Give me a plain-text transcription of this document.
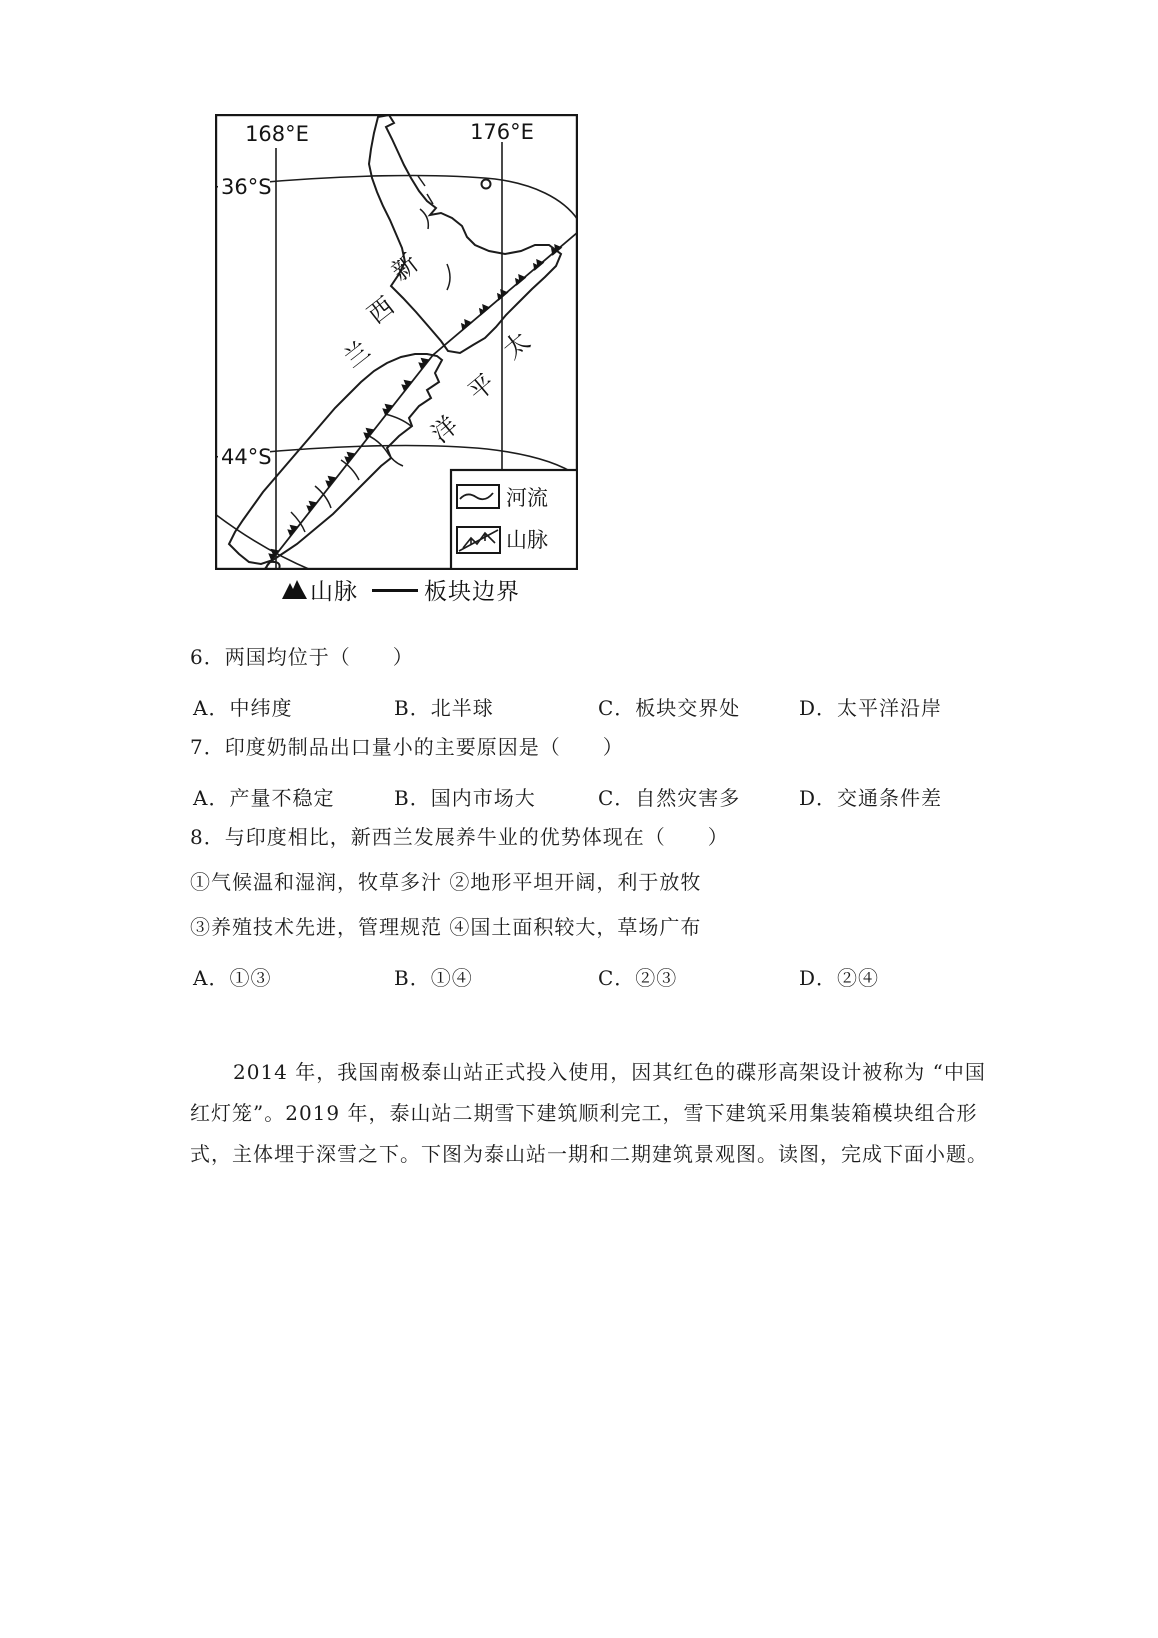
168°E	176°E
36°S
44°S
新
西
兰	太
平
洋
河流
山脉
山脉	板块边界
6．两国均位于（　　）
A．中纬度	B．北半球	C．板块交界处	D．太平洋沿岸
7．印度奶制品出口量小的主要原因是（　　）
A．产量不稳定	B．国内市场大	C．自然灾害多	D．交通条件差
8．与印度相比，新西兰发展养牛业的优势体现在（　　）
①气候温和湿润，牧草多汁 ②地形平坦开阔，利于放牧
③养殖技术先进，管理规范 ④国土面积较大，草场广布
A．①③	B．①④	C．②③	D．②④
2014 年，我国南极泰山站正式投入使用，因其红色的碟形高架设计被称为 “中国
红灯笼”。2019 年，泰山站二期雪下建筑顺利完工，雪下建筑采用集装箱模块组合形
式，主体埋于深雪之下。下图为泰山站一期和二期建筑景观图。读图，完成下面小题。
